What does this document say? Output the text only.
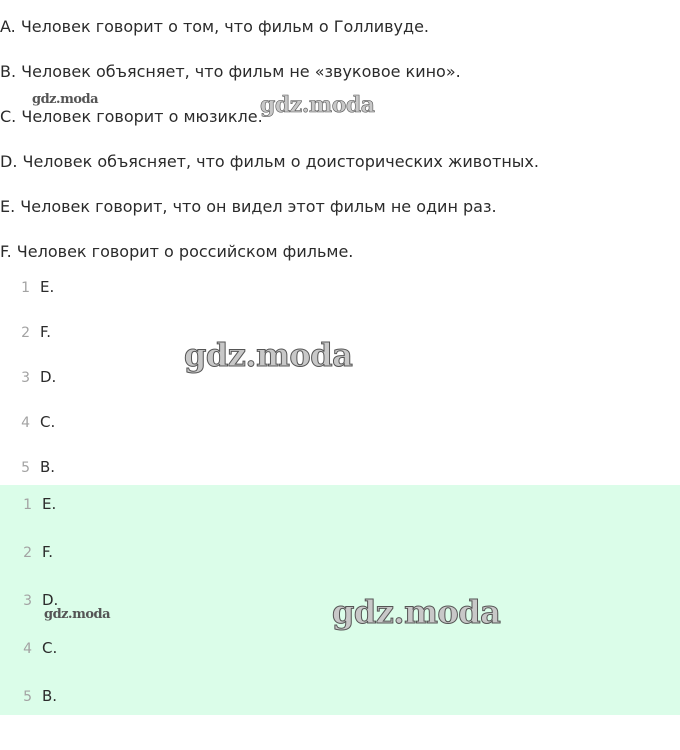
A. Человек говорит о том, что фильм о Голливуде.
B. Человек объясняет, что фильм не «звуковое кино».
C. Человек говорит о мюзикле.
D. Человек объясняет, что фильм о доисторических животных.
E. Человек говорит, что он видел этот фильм не один раз.
F. Человек говорит о российском фильме.
1 E.
2 F.
3 D.
4 C.
5 B.
1 E.
2 F.
3 D.
4 C.
5 B.
gdz.moda	gdz.moda
gdz.moda
gdz.moda	gdz.moda
